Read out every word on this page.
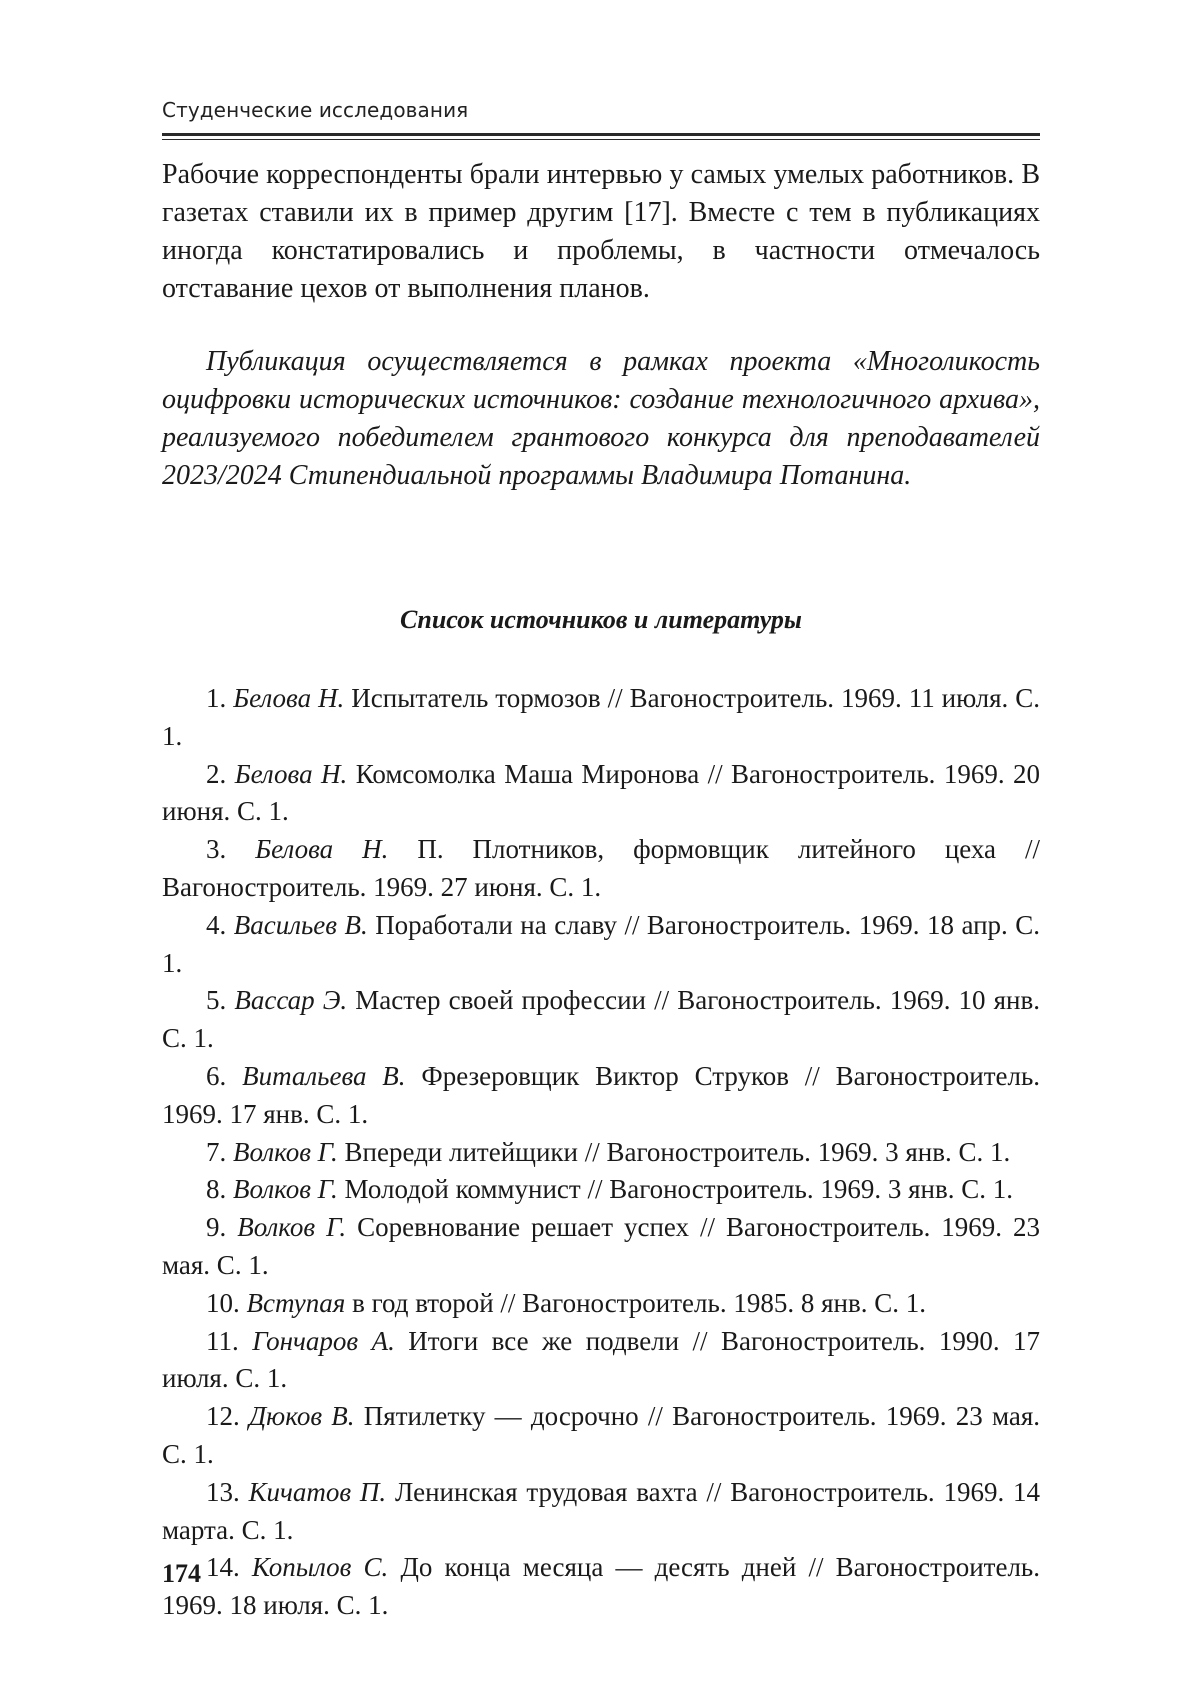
Студенческие исследования

Рабочие корреспонденты брали интервью у самых умелых работников. В газетах ставили их в пример другим [17]. Вместе с тем в публикациях иногда констатировались и проблемы, в частности отмечалось отставание цехов от выполнения планов.

Публикация осуществляется в рамках проекта «Многоликость оцифровки исторических источников: создание технологичного архива», реализуемого победителем грантового конкурса для преподавателей 2023/2024 Стипендиальной программы Владимира Потанина.

Список источников и литературы
1. Белова Н. Испытатель тормозов // Вагоностроитель. 1969. 11 июля. С. 1.
2. Белова Н. Комсомолка Маша Миронова // Вагоностроитель. 1969. 20 июня. С. 1.
3. Белова Н. П. Плотников, формовщик литейного цеха // Вагоностроитель. 1969. 27 июня. С. 1.
4. Васильев В. Поработали на славу // Вагоностроитель. 1969. 18 апр. С. 1.
5. Вассар Э. Мастер своей профессии // Вагоностроитель. 1969. 10 янв. С. 1.
6. Витальева В. Фрезеровщик Виктор Струков // Вагоностроитель. 1969. 17 янв. С. 1.
7. Волков Г. Впереди литейщики // Вагоностроитель. 1969. 3 янв. С. 1.
8. Волков Г. Молодой коммунист // Вагоностроитель. 1969. 3 янв. С. 1.
9. Волков Г. Соревнование решает успех // Вагоностроитель. 1969. 23 мая. С. 1.
10. Вступая в год второй // Вагоностроитель. 1985. 8 янв. С. 1.
11. Гончаров А. Итоги все же подвели // Вагоностроитель. 1990. 17 июля. С. 1.
12. Дюков В. Пятилетку — досрочно // Вагоностроитель. 1969. 23 мая. С. 1.
13. Кичатов П. Ленинская трудовая вахта // Вагоностроитель. 1969. 14 марта. С. 1.
14. Копылов С. До конца месяца — десять дней // Вагоностроитель. 1969. 18 июля. С. 1.
174
